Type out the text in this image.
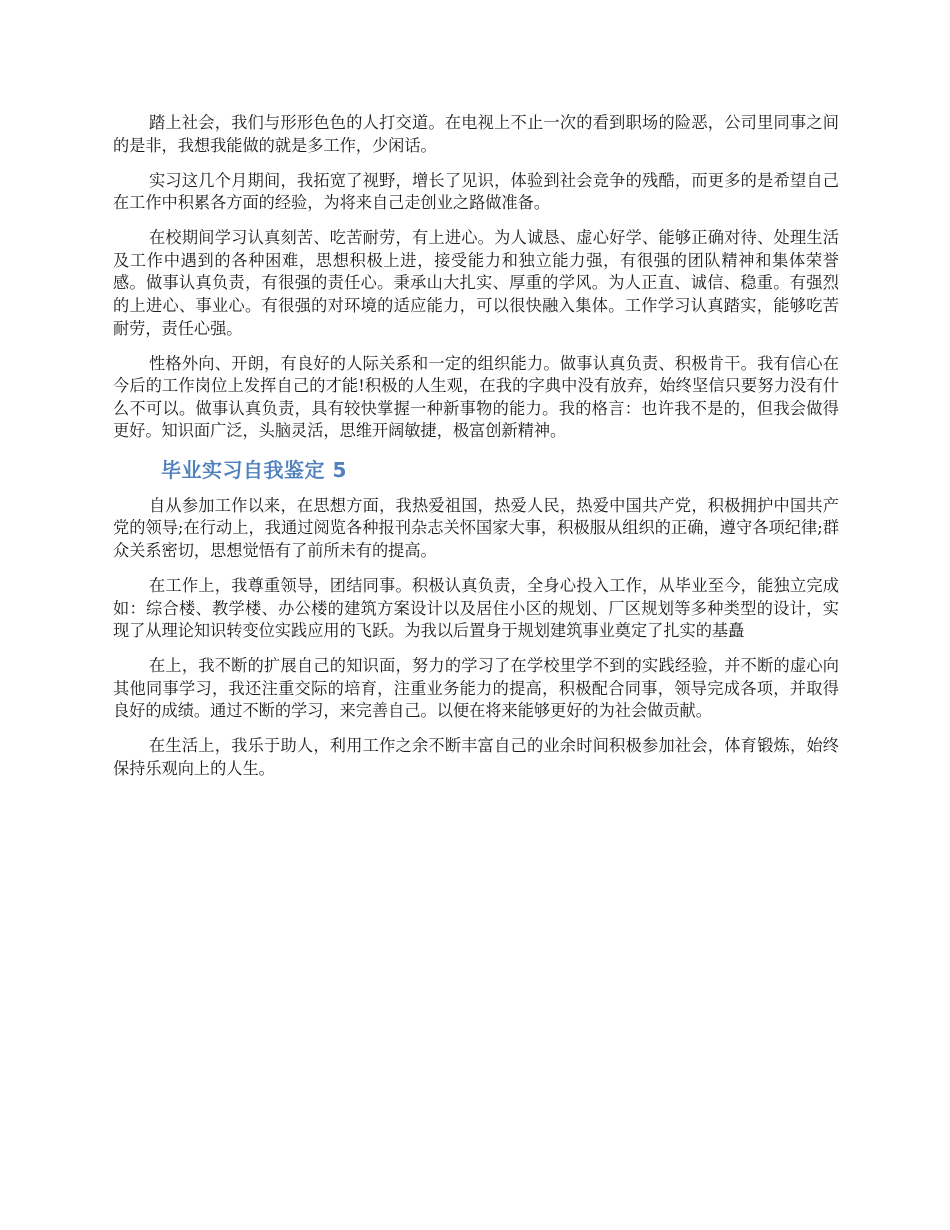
踏上社会，我们与形形色色的人打交道。在电视上不止一次的看到职场的险恶，公司里同事之间的是非，我想我能做的就是多工作，少闲话。

实习这几个月期间，我拓宽了视野，增长了见识，体验到社会竞争的残酷，而更多的是希望自己在工作中积累各方面的经验，为将来自己走创业之路做准备。

在校期间学习认真刻苦、吃苦耐劳，有上进心。为人诚恳、虚心好学、能够正确对待、处理生活及工作中遇到的各种困难，思想积极上进，接受能力和独立能力强，有很强的团队精神和集体荣誉感。做事认真负责，有很强的责任心。秉承山大扎实、厚重的学风。为人正直、诚信、稳重。有强烈的上进心、事业心。有很强的对环境的适应能力，可以很快融入集体。工作学习认真踏实，能够吃苦耐劳，责任心强。

性格外向、开朗，有良好的人际关系和一定的组织能力。做事认真负责、积极肯干。我有信心在今后的工作岗位上发挥自己的才能!积极的人生观，在我的字典中没有放弃，始终坚信只要努力没有什么不可以。做事认真负责，具有较快掌握一种新事物的能力。我的格言：也许我不是的，但我会做得更好。知识面广泛，头脑灵活，思维开阔敏捷，极富创新精神。

毕业实习自我鉴定 5

自从参加工作以来，在思想方面，我热爱祖国，热爱人民，热爱中国共产党，积极拥护中国共产党的领导;在行动上，我通过阅览各种报刊杂志关怀国家大事，积极服从组织的正确，遵守各项纪律;群众关系密切，思想觉悟有了前所未有的提高。

在工作上，我尊重领导，团结同事。积极认真负责，全身心投入工作，从毕业至今，能独立完成如：综合楼、教学楼、办公楼的建筑方案设计以及居住小区的规划、厂区规划等多种类型的设计，实现了从理论知识转变位实践应用的飞跃。为我以后置身于规划建筑事业奠定了扎实的基矗

在上，我不断的扩展自己的知识面，努力的学习了在学校里学不到的实践经验，并不断的虚心向其他同事学习，我还注重交际的培育，注重业务能力的提高，积极配合同事，领导完成各项，并取得良好的成绩。通过不断的学习，来完善自己。以便在将来能够更好的为社会做贡献。

在生活上，我乐于助人，利用工作之余不断丰富自己的业余时间积极参加社会，体育锻炼，始终保持乐观向上的人生。
